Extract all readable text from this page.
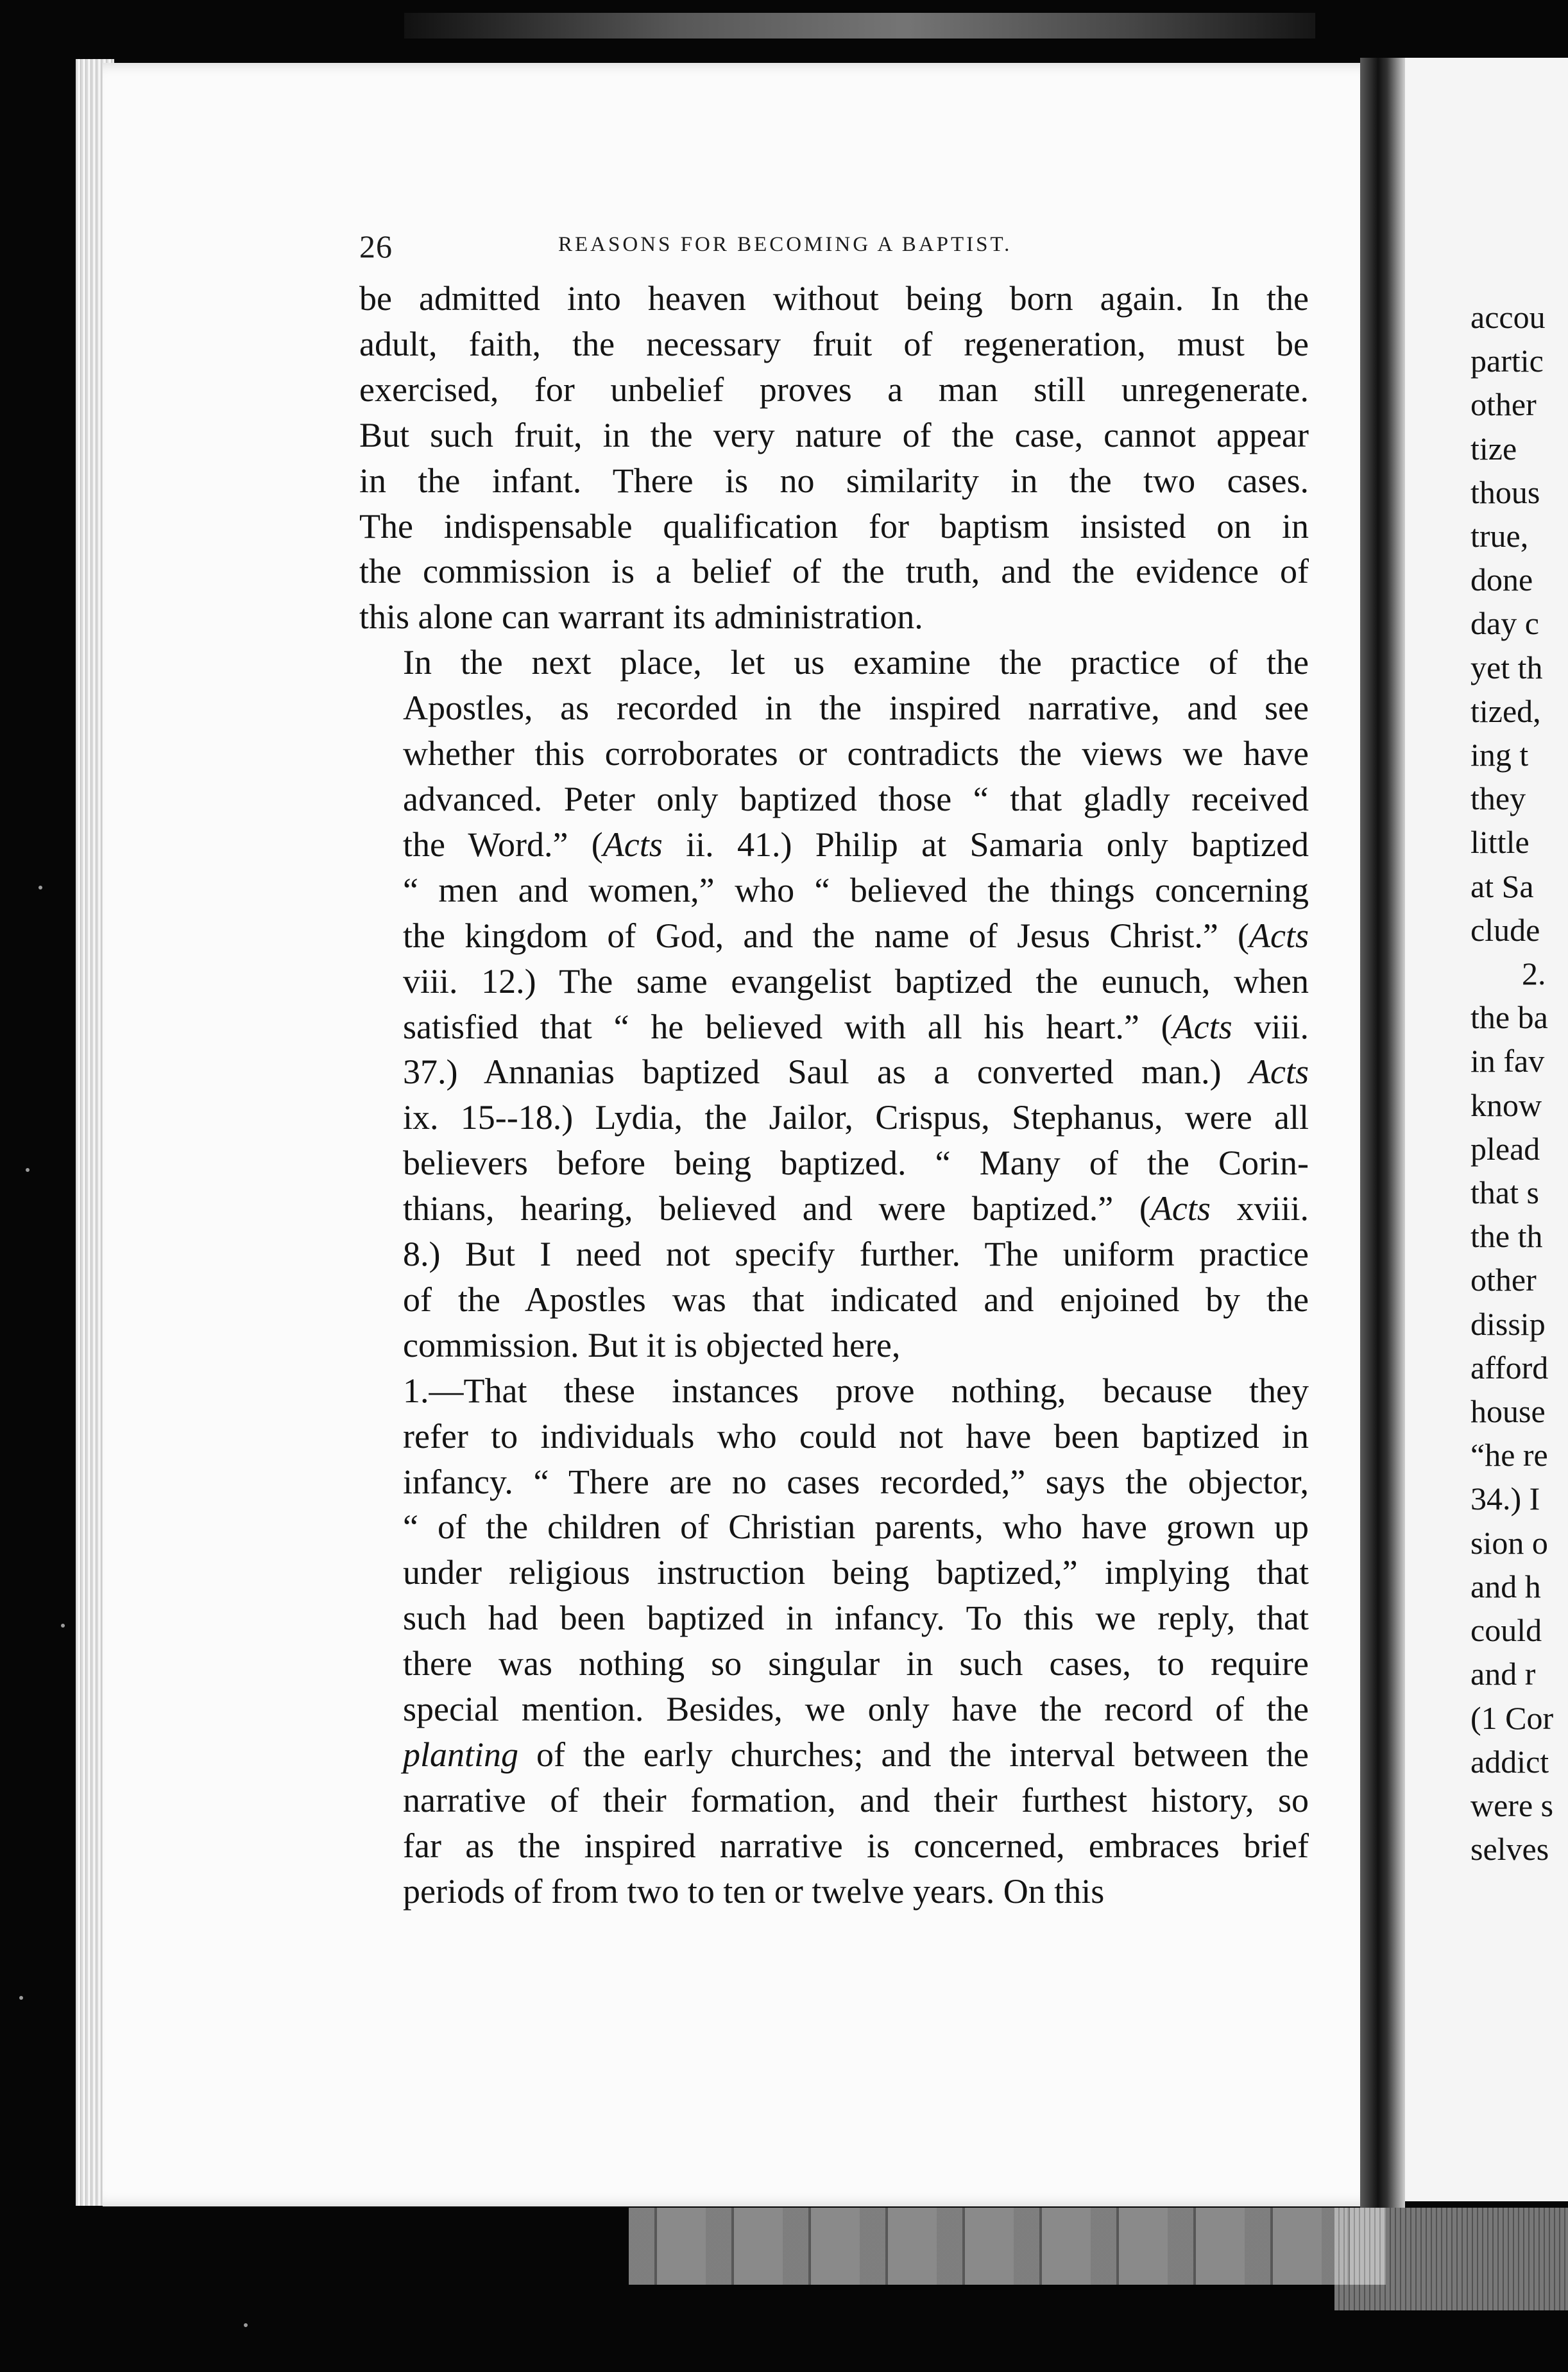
26	REASONS FOR BECOMING A BAPTIST.
be admitted into heaven without being born again. In the
adult, faith, the necessary fruit of regeneration, must be
exercised, for unbelief proves a man still unregenerate.
But such fruit, in the very nature of the case, cannot appear
in the infant. There is no similarity in the two cases.
The indispensable qualification for baptism insisted on in
the commission is a belief of the truth, and the evidence of
this alone can warrant its administration.
In the next place, let us examine the practice of the
Apostles, as recorded in the inspired narrative, and see
whether this corroborates or contradicts the views we have
advanced. Peter only baptized those “ that gladly received
the Word.” (Acts ii. 41.) Philip at Samaria only baptized
“ men and women,” who “ believed the things concerning
the kingdom of God, and the name of Jesus Christ.” (Acts
viii. 12.) The same evangelist baptized the eunuch, when
satisfied that “ he believed with all his heart.” (Acts viii.
37.) Annanias baptized Saul as a converted man.) Acts
ix. 15--18.) Lydia, the Jailor, Crispus, Stephanus, were all
believers before being baptized. “ Many of the Corin-
thians, hearing, believed and were baptized.” (Acts xviii.
8.) But I need not specify further. The uniform practice
of the Apostles was that indicated and enjoined by the
commission. But it is objected here,
1.—That these instances prove nothing, because they
refer to individuals who could not have been baptized in
infancy. “ There are no cases recorded,” says the objector,
“ of the children of Christian parents, who have grown up
under religious instruction being baptized,” implying that
such had been baptized in infancy. To this we reply, that
there was nothing so singular in such cases, to require
special mention. Besides, we only have the record of the
planting of the early churches; and the interval between the
narrative of their formation, and their furthest history, so
far as the inspired narrative is concerned, embraces brief
periods of from two to ten or twelve years. On this
accou
partic
other
tize
thous
true,
done
day c
yet th
tized,
ing t
they
little
at Sa
clude
2.
the ba
in fav
know
plead
that s
the th
other
dissip
afford
house
“he re
34.) I
sion o
and h
could
and r
(1 Cor
addict
were s
selves
